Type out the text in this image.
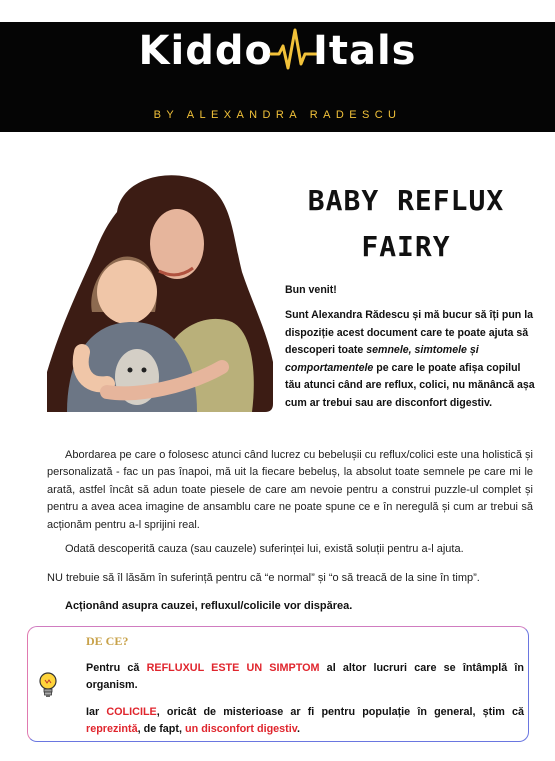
Kiddo Itals
BY ALEXANDRA RADESCU
BABY REFLUX
FAIRY

Bun venit!

Sunt Alexandra Rădescu și mă bucur să îți pun la dispoziție acest document care te poate ajuta să descoperi toate semnele, simtomele și comportamentele pe care le poate afișa copilul tău atunci când are reflux, colici, nu mănâncă așa cum ar trebui sau are disconfort digestiv.

Abordarea pe care o folosesc atunci când lucrez cu bebelușii cu reflux/colici este una holistică și personalizată - fac un pas înapoi, mă uit la fiecare bebeluș, la absolut toate semnele pe care mi le arată, astfel încât să adun toate piesele de care am nevoie pentru a construi puzzle-ul complet și pentru a avea acea imagine de ansamblu care ne poate spune ce e în neregulă și cum ar trebui să acționăm pentru a-l sprijini real.

Odată descoperită cauza (sau cauzele) suferinței lui, există soluții pentru a-l ajuta.

NU trebuie să îl lăsăm în suferință pentru că “e normal” și “o să treacă de la sine în timp”.

Acționând asupra cauzei, refluxul/colicile vor dispărea.

DE CE?

Pentru că REFLUXUL ESTE UN SIMPTOM al altor lucruri care se întâmplă în organism.

Iar COLICILE, oricât de misterioase ar fi pentru populație în general, știm că reprezintă, de fapt, un disconfort digestiv.
